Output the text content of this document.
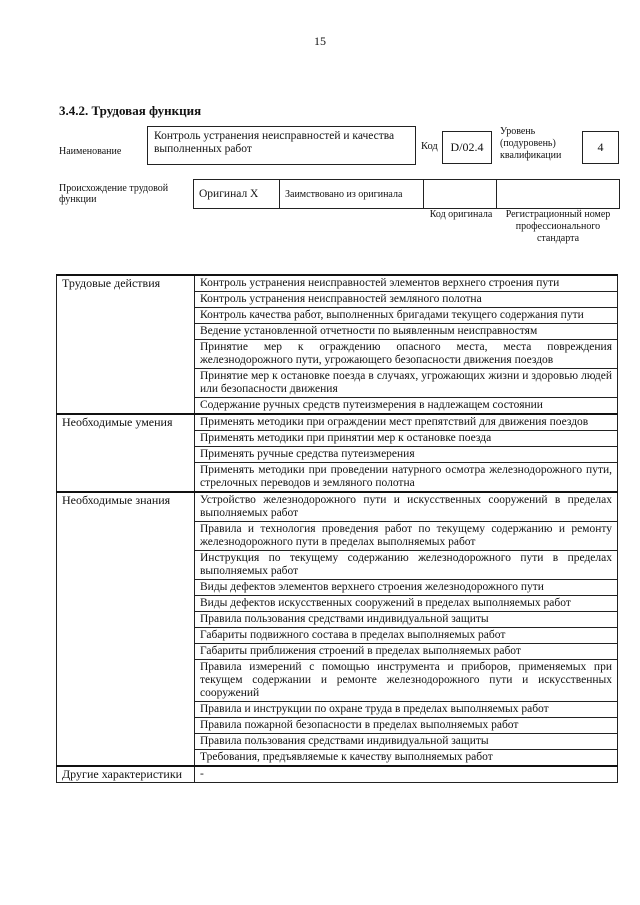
15
3.4.2. Трудовая функция
Наименование
Контроль устранения неисправностей и качества выполненных работ	Код	D/02.4
Уровень (подуровень) квалификации
4
Происхождение трудовой функции	Оригинал X	Заимствовано из оригинала		
Код оригинала Регистрационный номер профессионального стандарта
Трудовые действия	Контроль устранения неисправностей элементов верхнего строения пути
	Контроль устранения неисправностей земляного полотна
	Контроль качества работ, выполненных бригадами текущего содержания пути
	Ведение установленной отчетности по выявленным неисправностям
	Принятие мер к ограждению опасного места, места повреждения железнодорожного пути, угрожающего безопасности движения поездов
	Принятие мер к остановке поезда в случаях, угрожающих жизни и здоровью людей или безопасности движения
	Содержание ручных средств путеизмерения в надлежащем состоянии
Необходимые умения	Применять методики при ограждении мест препятствий для движения поездов
	Применять методики при принятии мер к остановке поезда
	Применять ручные средства путеизмерения
	Применять методики при проведении натурного осмотра железнодорожного пути, стрелочных переводов и земляного полотна
Необходимые знания	Устройство железнодорожного пути и искусственных сооружений в пределах выполняемых работ
	Правила и технология проведения работ по текущему содержанию и ремонту железнодорожного пути в пределах выполняемых работ
	Инструкция по текущему содержанию железнодорожного пути в пределах выполняемых работ
	Виды дефектов элементов верхнего строения железнодорожного пути
	Виды дефектов искусственных сооружений в пределах выполняемых работ
	Правила пользования средствами индивидуальной защиты
	Габариты подвижного состава в пределах выполняемых работ
	Габариты приближения строений в пределах выполняемых работ
	Правила измерений с помощью инструмента и приборов, применяемых при текущем содержании и ремонте железнодорожного пути и искусственных сооружений
	Правила и инструкции по охране труда в пределах выполняемых работ
	Правила пожарной безопасности в пределах выполняемых работ
	Правила пользования средствами индивидуальной защиты
	Требования, предъявляемые к качеству выполняемых работ
Другие характеристики	-
